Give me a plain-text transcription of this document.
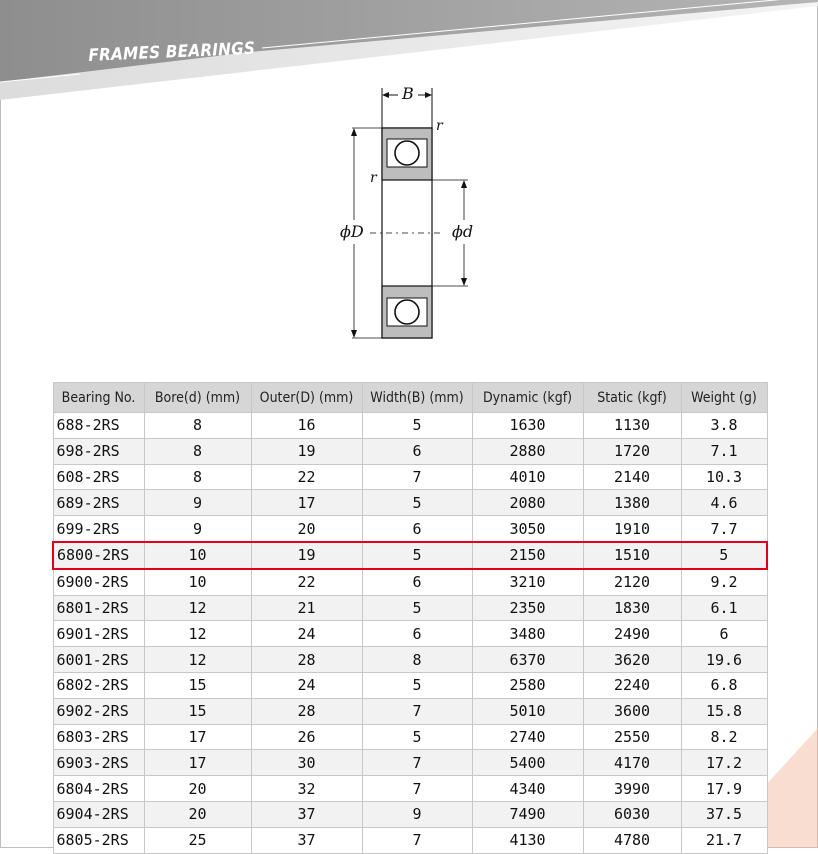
FRAMES BEARINGS
B
r
r
ϕD	ϕd
Bearing No.	Bore(d) (mm)	Outer(D) (mm)	Width(B) (mm)	Dynamic (kgf)	Static (kgf)	Weight (g)
688-2RS	8	16	5	1630	1130	3.8
698-2RS	8	19	6	2880	1720	7.1
608-2RS	8	22	7	4010	2140	10.3
689-2RS	9	17	5	2080	1380	4.6
699-2RS	9	20	6	3050	1910	7.7
6800-2RS	10	19	5	2150	1510	5
6900-2RS	10	22	6	3210	2120	9.2
6801-2RS	12	21	5	2350	1830	6.1
6901-2RS	12	24	6	3480	2490	6
6001-2RS	12	28	8	6370	3620	19.6
6802-2RS	15	24	5	2580	2240	6.8
6902-2RS	15	28	7	5010	3600	15.8
6803-2RS	17	26	5	2740	2550	8.2
6903-2RS	17	30	7	5400	4170	17.2
6804-2RS	20	32	7	4340	3990	17.9
6904-2RS	20	37	9	7490	6030	37.5
6805-2RS	25	37	7	4130	4780	21.7
